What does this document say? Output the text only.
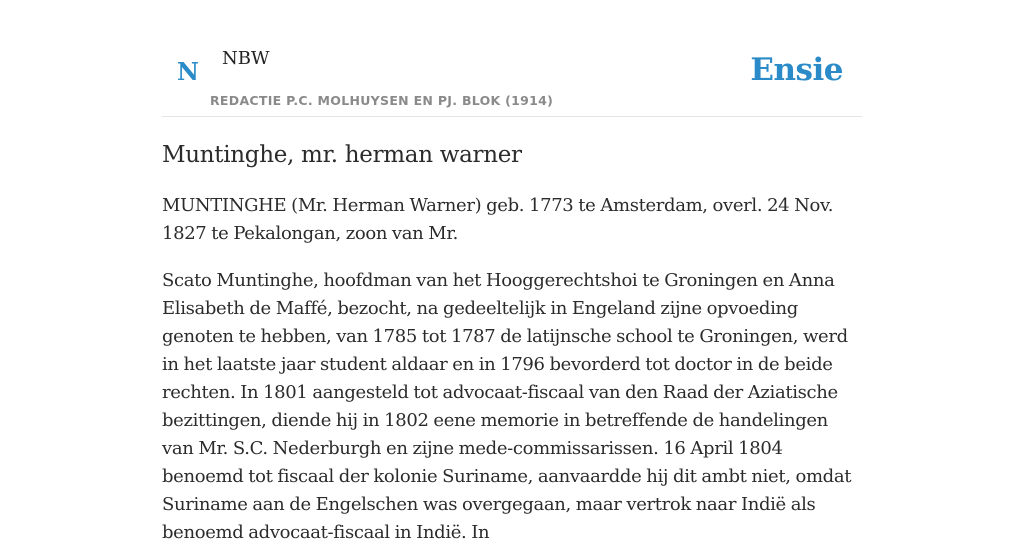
N NBW
REDACTIE P.C. MOLHUYSEN EN PJ. BLOK (1914)
Ensie
Muntinghe, mr. herman warner

MUNTINGHE (Mr. Herman Warner) geb. 1773 te Amsterdam, overl. 24 Nov. 1827 te Pekalongan, zoon van Mr.

Scato Muntinghe, hoofdman van het Hooggerechtshoi te Groningen en Anna Elisabeth de Maffé, bezocht, na gedeeltelijk in Engeland zijne opvoeding genoten te hebben, van 1785 tot 1787 de latijnsche school te Groningen, werd in het laatste jaar student aldaar en in 1796 bevorderd tot doctor in de beide rechten. In 1801 aangesteld tot advocaat-fiscaal van den Raad der Aziatische bezittingen, diende hij in 1802 eene memorie in betreffende de handelingen van Mr. S.C. Nederburgh en zijne mede-commissarissen. 16 April 1804 benoemd tot fiscaal der kolonie Suriname, aanvaardde hij dit ambt niet, omdat Suriname aan de Engelschen was overgegaan, maar vertrok naar Indië als benoemd advocaat-fiscaal in Indië. In
